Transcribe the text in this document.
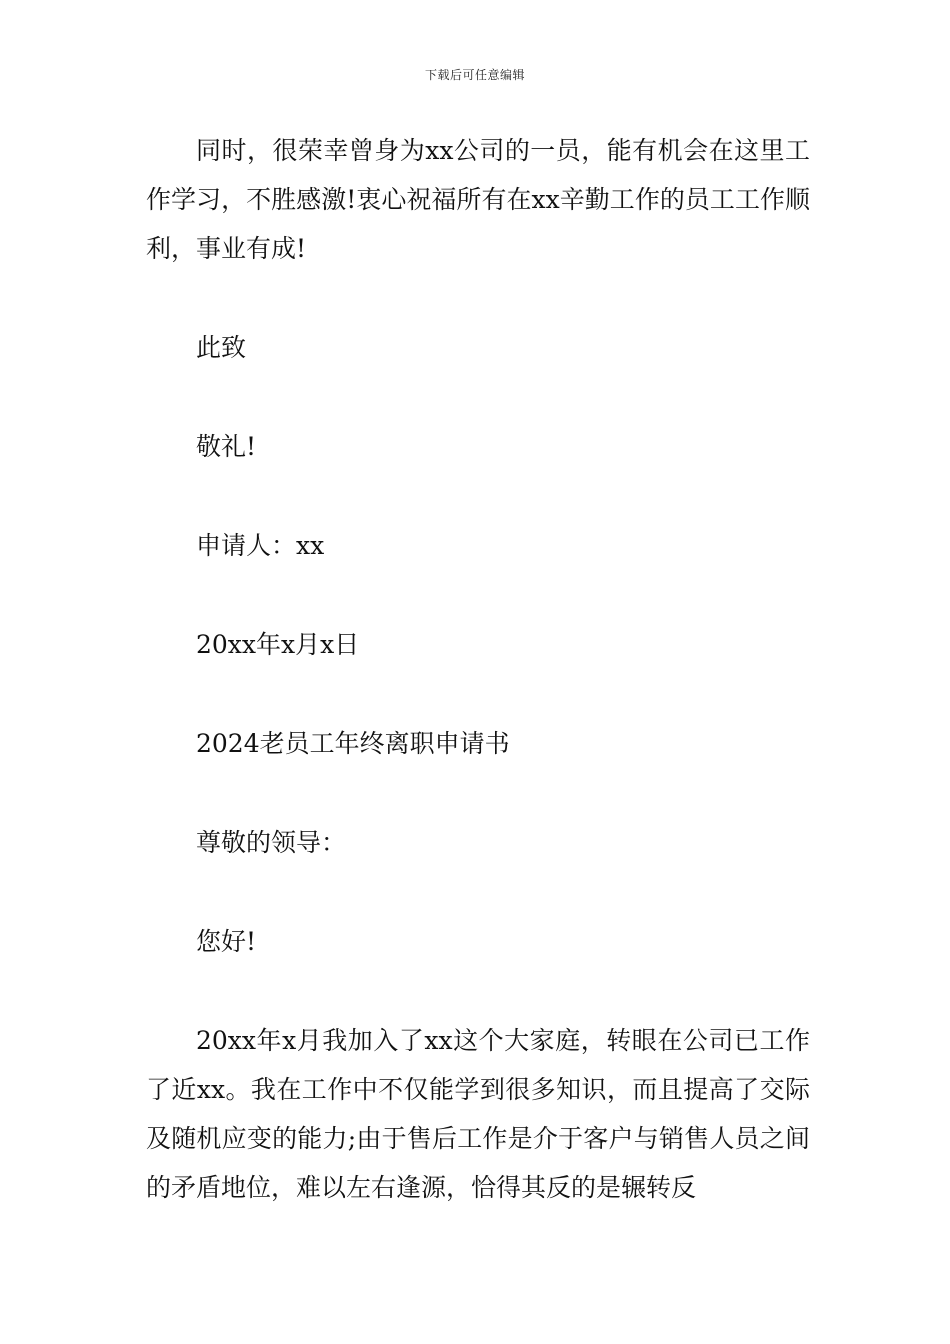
下载后可任意编辑

同时，很荣幸曾身为xx公司的一员，能有机会在这里工作学习，不胜感激!衷心祝福所有在xx辛勤工作的员工工作顺利，事业有成!

此致

敬礼!

申请人：xx

20xx年x月x日

2024老员工年终离职申请书

尊敬的领导：

您好!

20xx年x月我加入了xx这个大家庭，转眼在公司已工作了近xx。我在工作中不仅能学到很多知识，而且提高了交际及随机应变的能力;由于售后工作是介于客户与销售人员之间的矛盾地位，难以左右逢源，恰得其反的是辗转反
